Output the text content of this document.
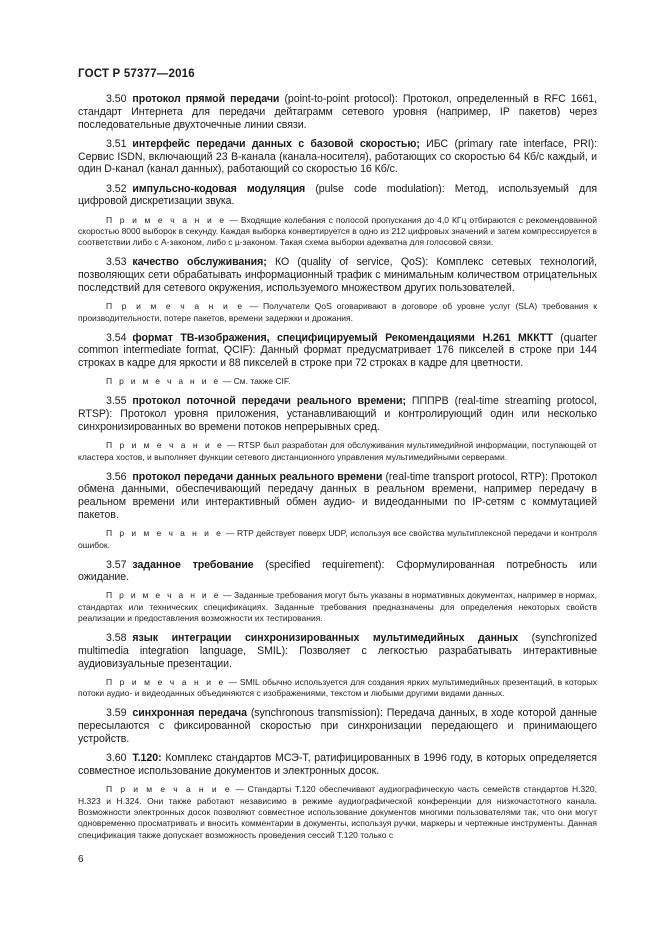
ГОСТ Р 57377—2016

3.50 протокол прямой передачи (point-to-point protocol): Протокол, определенный в RFC 1661, стандарт Интернета для передачи дейтаграмм сетевого уровня (например, IP пакетов) через последовательные двухточечные линии связи.

3.51 интерфейс передачи данных с базовой скоростью; ИБС (primary rate interface, PRI): Сервис ISDN, включающий 23 B-канала (канала-носителя), работающих со скоростью 64 Кб/с каждый, и один D-канал (канал данных), работающий со скоростью 16 Кб/с.

3.52 импульсно-кодовая модуляция (pulse code modulation): Метод, используемый для цифровой дискретизации звука.

П р и м е ч а н и е — Входящие колебания с полосой пропускания до 4,0 КГц отбираются с рекомендованной скоростью 8000 выборок в секунду. Каждая выборка конвертируется в одно из 212 цифровых значений и затем компрессируется в соответствии либо с А-законом, либо с µ-законом. Такая схема выборки адекватна для голосовой связи.

3.53 качество обслуживания; КО (quality of service, QoS): Комплекс сетевых технологий, позволяющих сети обрабатывать информационный трафик с минимальным количеством отрицательных последствий для сетевого окружения, используемого множеством других пользователей.

П р и м е ч а н и е — Получатели QoS оговаривают в договоре об уровне услуг (SLA) требования к производительности, потере пакетов, времени задержки и дрожания.

3.54 формат ТВ-изображения, специфицируемый Рекомендациями H.261 МККТТ (quarter common intermediate format, QCIF): Данный формат предусматривает 176 пикселей в строке при 144 строках в кадре для яркости и 88 пикселей в строке при 72 строках в кадре для цветности.

П р и м е ч а н и е — См. также CIF.

3.55 протокол поточной передачи реального времени; ПППРВ (real-time streaming protocol, RTSP): Протокол уровня приложения, устанавливающий и контролирующий один или несколько синхронизированных во времени потоков непрерывных сред.

П р и м е ч а н и е — RTSP был разработан для обслуживания мультимедийной информации, поступающей от кластера хостов, и выполняет функции сетевого дистанционного управления мультимедийными серверами.

3.56 протокол передачи данных реального времени (real-time transport protocol, RTP): Протокол обмена данными, обеспечивающий передачу данных в реальном времени, например передачу в реальном времени или интерактивный обмен аудио- и видеоданными по IP-сетям с коммутацией пакетов.

П р и м е ч а н и е — RTP действует поверх UDP, используя все свойства мультиплексной передачи и контроля ошибок.

3.57 заданное требование (specified requirement): Сформулированная потребность или ожидание.

П р и м е ч а н и е — Заданные требования могут быть указаны в нормативных документах, например в нормах, стандартах или технических спецификациях. Заданные требования предназначены для определения некоторых свойств реализации и предоставления возможности их тестирования.

3.58 язык интеграции синхронизированных мультимедийных данных (synchronized multimedia integration language, SMIL): Позволяет с легкостью разрабатывать интерактивные аудиовизуальные презентации.

П р и м е ч а н и е — SMIL обычно используется для создания ярких мультимедийных презентаций, в которых потоки аудио- и видеоданных объединяются с изображениями, текстом и любыми другими видами данных.

3.59 синхронная передача (synchronous transmission): Передача данных, в ходе которой данные пересылаются с фиксированной скоростью при синхронизации передающего и принимающего устройств.

3.60 T.120: Комплекс стандартов МСЭ-Т, ратифицированных в 1996 году, в которых определяется совместное использование документов и электронных досок.

П р и м е ч а н и е — Стандарты T.120 обеспечивают аудиографическую часть семейств стандартов H.320, H.323 и H.324. Они также работают независимо в режиме аудиографической конференции для низкочастотного канала. Возможности электронных досок позволяют совместное использование документов многими пользователями так, что они могут одновременно просматривать и вносить комментарии в документы, используя ручки, маркеры и чертежные инструменты. Данная спецификация также допускает возможность проведения сессий T.120 только с

6
